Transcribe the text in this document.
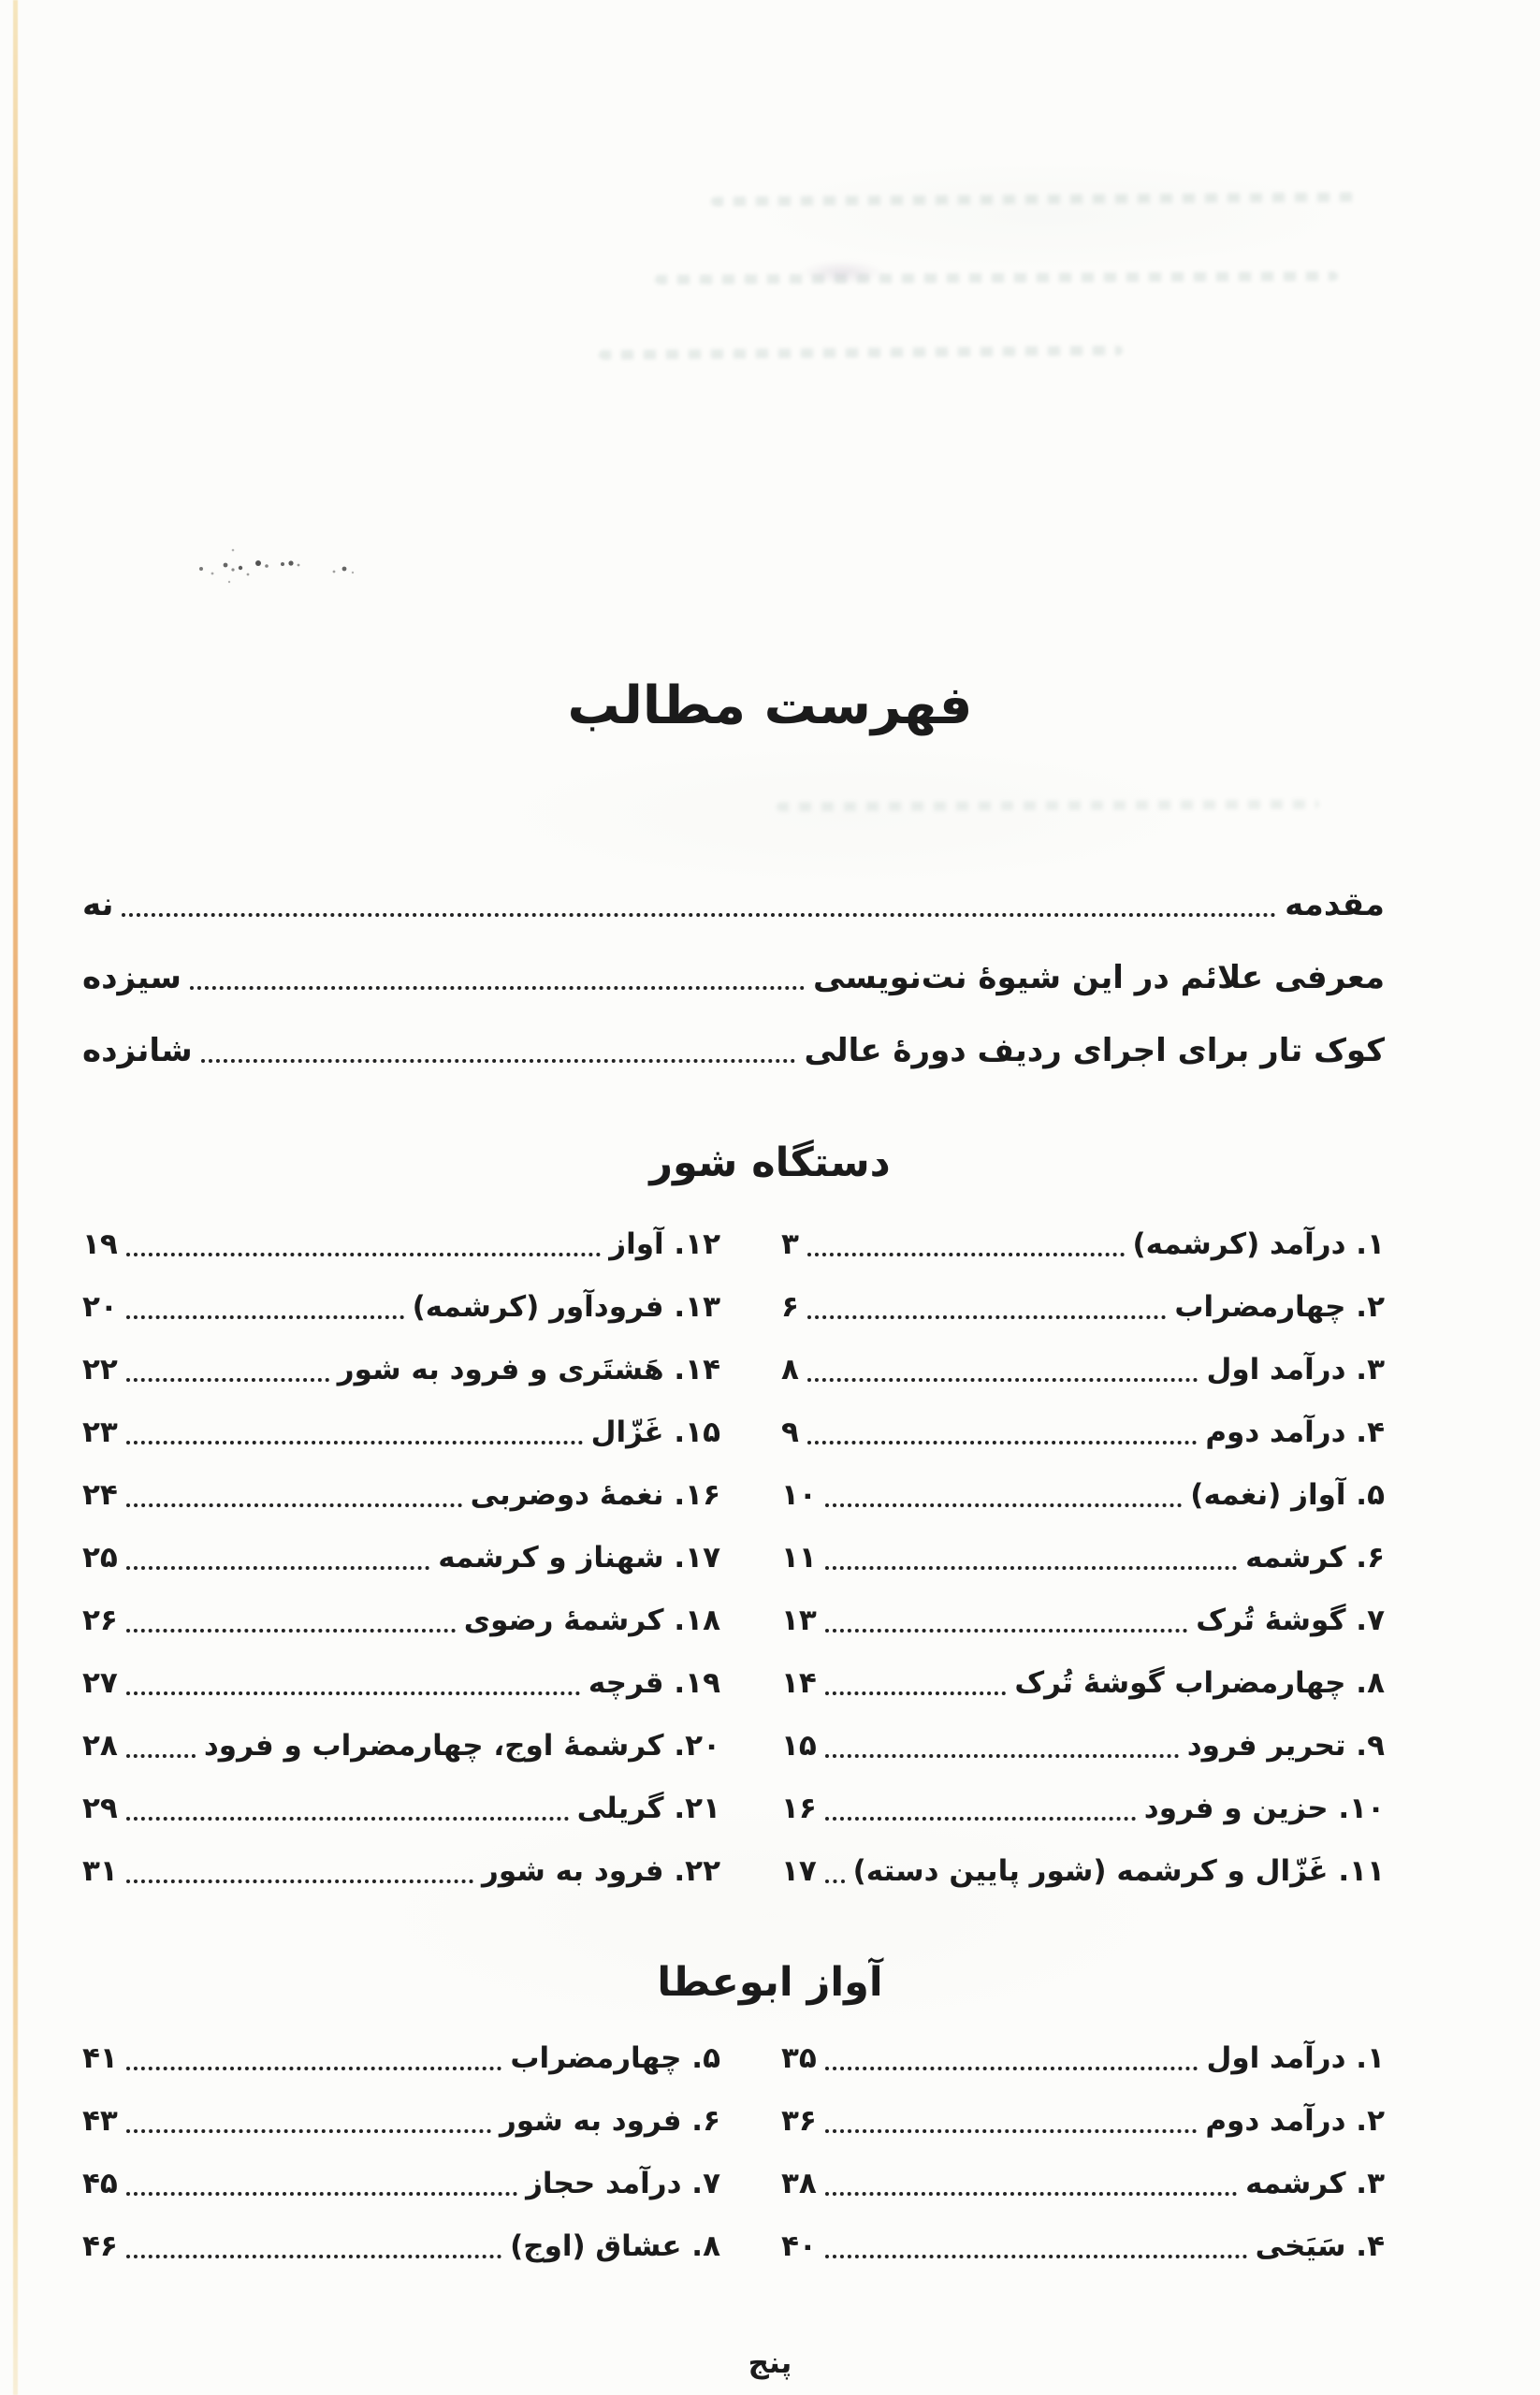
فهرست مطالب
مقدمه
نه
معرفی علائم در این شیوهٔ نت‌نویسی
سیزده
کوک تار برای اجرای ردیف دورهٔ عالی
شانزده
دستگاه شور
۱. درآمد (کرشمه)
۳
۲. چهارمضراب
۶
۳. درآمد اول
۸
۴. درآمد دوم
۹
۵. آواز (نغمه)
۱۰
۶. کرشمه
۱۱
۷. گوشهٔ تُرک
۱۳
۸. چهارمضراب گوشهٔ تُرک
۱۴
۹. تحریر فرود
۱۵
۱۰. حزین و فرود
۱۶
۱۱. غَزّال و کرشمه (شور پایین دسته)
۱۷
۱۲. آواز
۱۹
۱۳. فرودآور (کرشمه)
۲۰
۱۴. هَشتَری و فرود به شور
۲۲
۱۵. غَزّال
۲۳
۱۶. نغمهٔ دوضربی
۲۴
۱۷. شهناز و کرشمه
۲۵
۱۸. کرشمهٔ رضوی
۲۶
۱۹. قرچه
۲۷
۲۰. کرشمهٔ اوج، چهارمضراب و فرود
۲۸
۲۱. گریلی
۲۹
۲۲. فرود به شور
۳۱
آواز ابوعطا
۱. درآمد اول
۳۵
۲. درآمد دوم
۳۶
۳. کرشمه
۳۸
۴. سَیَخی
۴۰
۵. چهارمضراب
۴۱
۶. فرود به شور
۴۳
۷. درآمد حجاز
۴۵
۸. عشاق (اوج)
۴۶
پنج
